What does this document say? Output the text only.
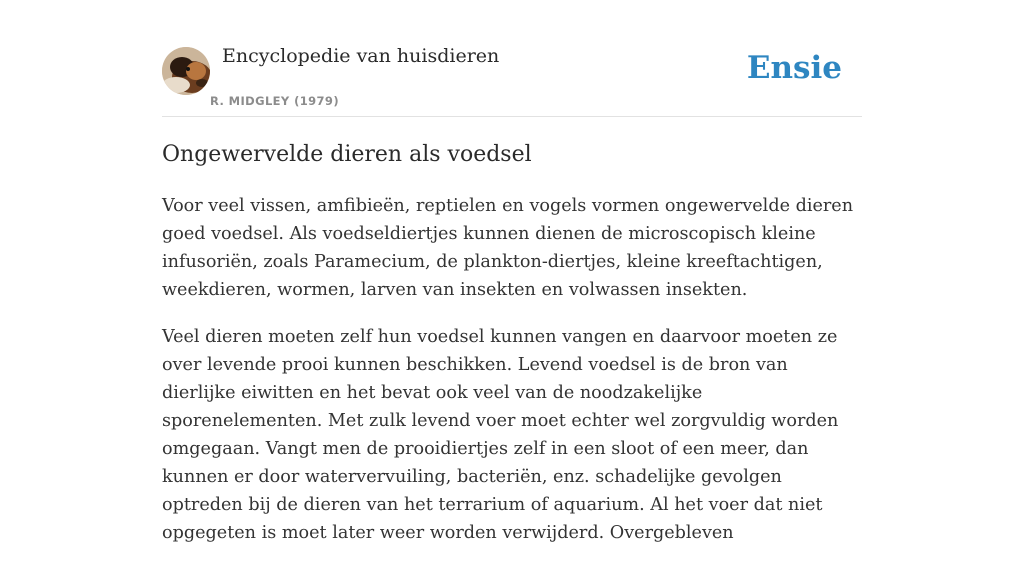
Encyclopedie van huisdieren
R. MIDGLEY (1979)
Ensie
Ongewervelde dieren als voedsel

Voor veel vissen, amfibieën, reptielen en vogels vormen ongewervelde dieren goed voedsel. Als voedseldiertjes kunnen dienen de microscopisch kleine infusoriën, zoals Paramecium, de plankton-diertjes, kleine kreeftachtigen, weekdieren, wormen, larven van insekten en volwassen insekten.

Veel dieren moeten zelf hun voedsel kunnen vangen en daarvoor moeten ze over levende prooi kunnen beschikken. Levend voedsel is de bron van dierlijke eiwitten en het bevat ook veel van de noodzakelijke sporenelementen. Met zulk levend voer moet echter wel zorgvuldig worden omgegaan. Vangt men de prooidiertjes zelf in een sloot of een meer, dan kunnen er door watervervuiling, bacteriën, enz. schadelijke gevolgen optreden bij de dieren van het terrarium of aquarium. Al het voer dat niet opgegeten is moet later weer worden verwijderd. Overgebleven
